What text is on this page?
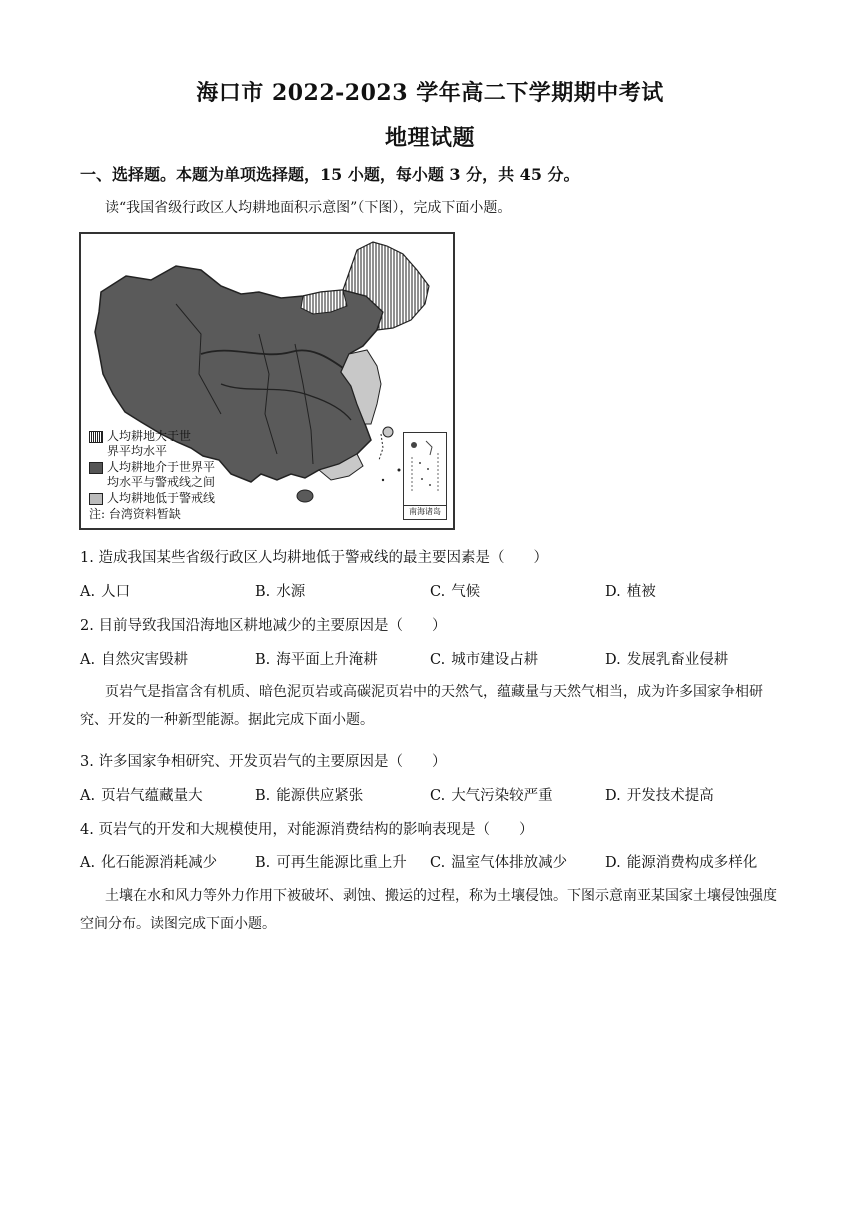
海口市 2022-2023 学年高二下学期期中考试
地理试题
一、选择题。本题为单项选择题，15 小题，每小题 3 分，共 45 分。
读“我国省级行政区人均耕地面积示意图”（下图），完成下面小题。
人均耕地大于世界平均水平
人均耕地介于世界平均水平与警戒线之间
人均耕地低于警戒线
注: 台湾资料暂缺	南海诸岛
1. 造成我国某些省级行政区人均耕地低于警戒线的最主要因素是（　　）
A. 人口	B. 水源	C. 气候	D. 植被
2. 目前导致我国沿海地区耕地减少的主要原因是（　　）
A. 自然灾害毁耕	B. 海平面上升淹耕	C. 城市建设占耕	D. 发展乳畜业侵耕
页岩气是指富含有机质、暗色泥页岩或高碳泥页岩中的天然气，蕴藏量与天然气相当，成为许多国家争相研究、开发的一种新型能源。据此完成下面小题。
3. 许多国家争相研究、开发页岩气的主要原因是（　　）
A. 页岩气蕴藏量大	B. 能源供应紧张	C. 大气污染较严重	D. 开发技术提高
4. 页岩气的开发和大规模使用，对能源消费结构的影响表现是（　　）
A. 化石能源消耗减少	B. 可再生能源比重上升 C. 温室气体排放减少	D. 能源消费构成多样化
土壤在水和风力等外力作用下被破坏、剥蚀、搬运的过程，称为土壤侵蚀。下图示意南亚某国家土壤侵蚀强度空间分布。读图完成下面小题。
